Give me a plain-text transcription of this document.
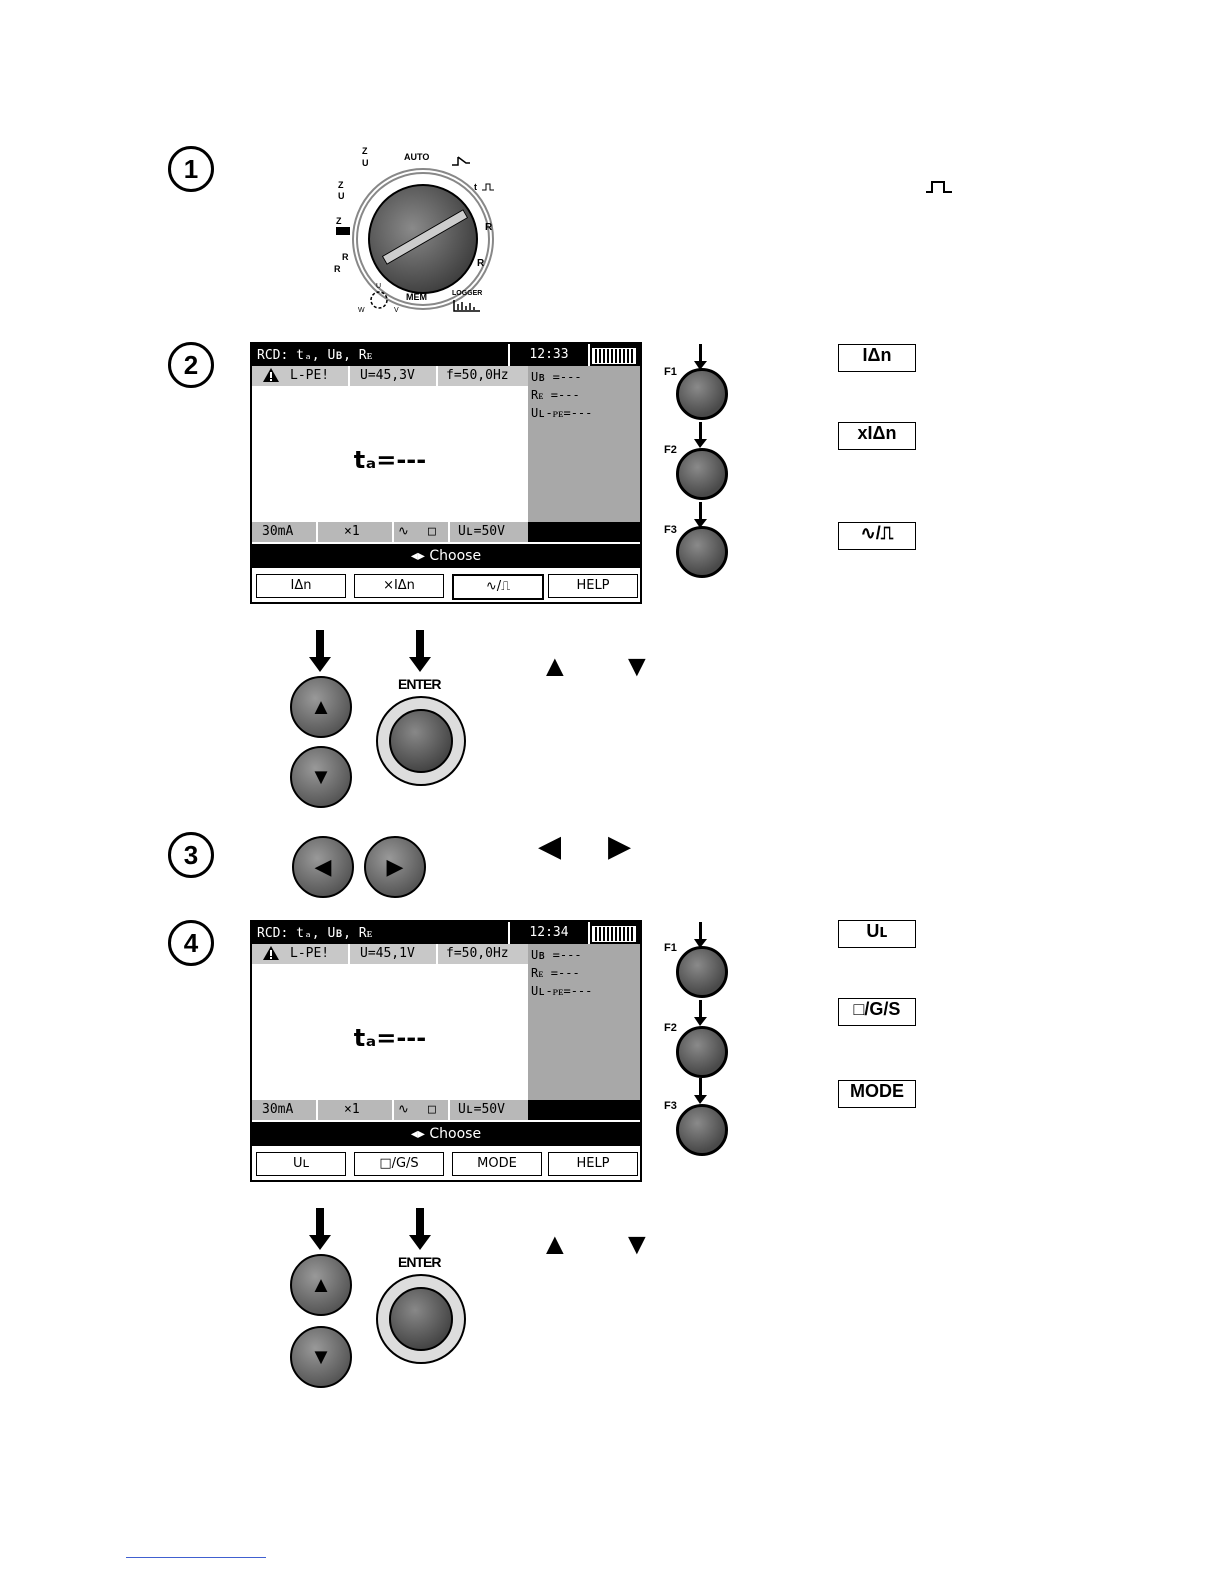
1
2
3
4
AUTO
MEM	LOGGER
Z
U
Z
U
Z
R
R
U
W	V
t
R
R
RCD: tₐ, Uʙ, Rᴇ	12:33
L-PE! U=45,3V f=50,0Hz Uʙ =---
Rᴇ =---
Uʟ-ᴘᴇ=---
tₐ=---
30mA	×1	∿ □ Uʟ=50V
◂▸ Choose
IΔn	×IΔn	∿/⎍	HELP
F1
F2
F3
IΔn
xIΔn
∿/⎍
▲
▼
ENTER
▲ ▼
◀	▶
◀ ▶
RCD: tₐ, Uʙ, Rᴇ	12:34
L-PE! U=45,1V f=50,0Hz Uʙ =---
Rᴇ =---
Uʟ-ᴘᴇ=---
tₐ=---
30mA	×1	∿ □ Uʟ=50V
◂▸ Choose
Uʟ	□/G/S	MODE	HELP
F1
F2
F3
Uʟ
□/G/S
MODE
▲
▼
ENTER
▲ ▼
